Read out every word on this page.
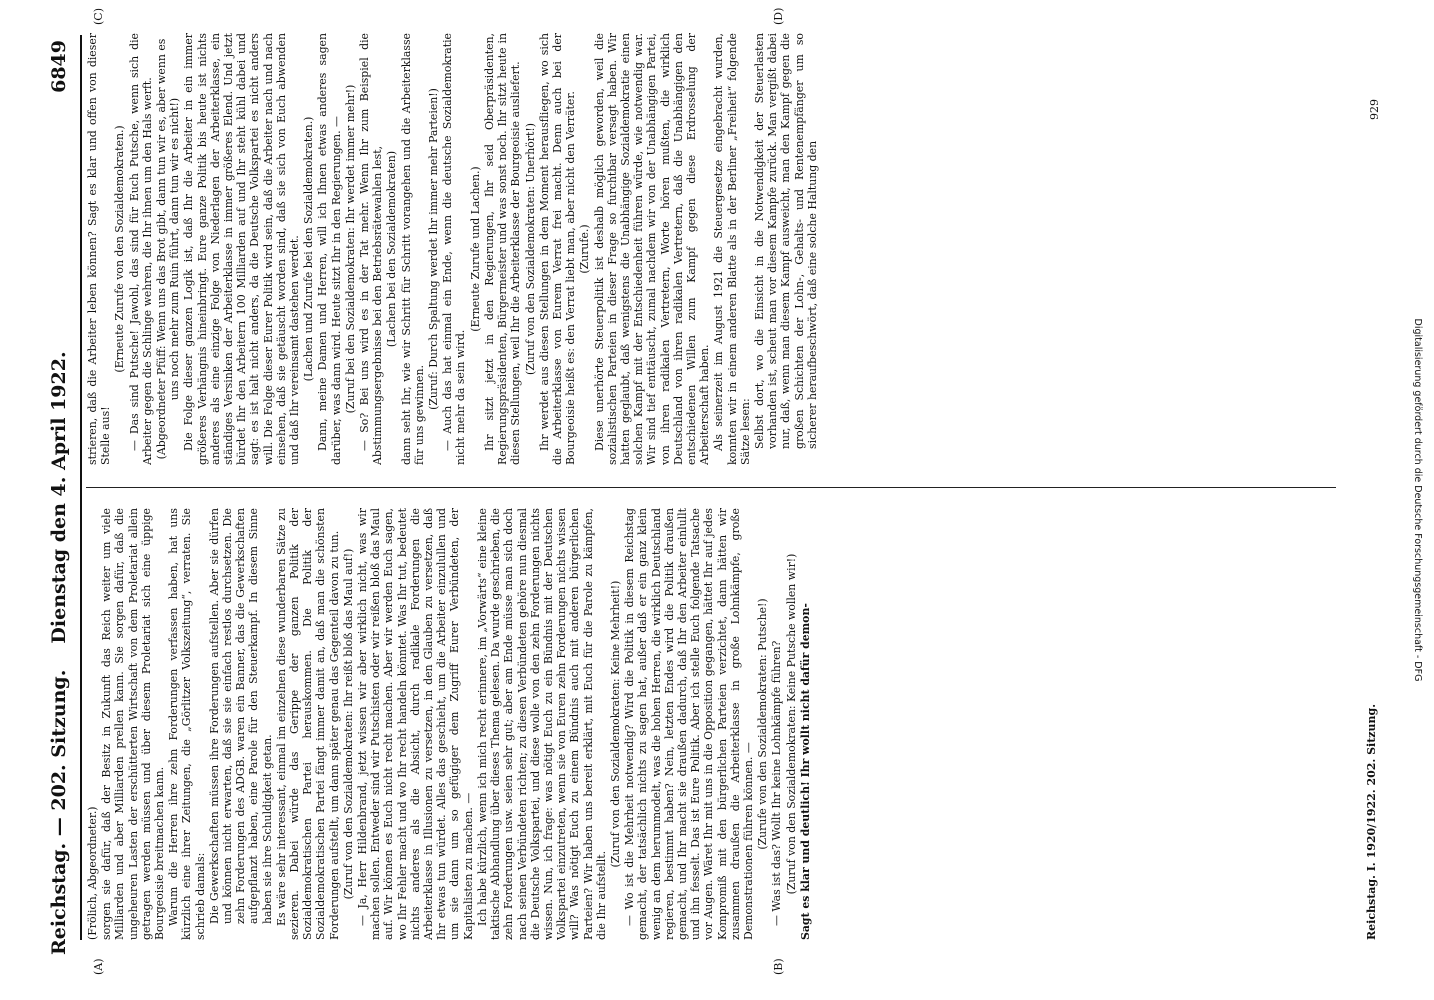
Reichstag. — 202. Sitzung.
Dienstag den 4. April 1922.
6849
(A)	(B)
(C)	(D)

(Frölich, Abgeordneter.) sorgen sie dafür, daß der Besitz in Zukunft das Reich weiter um viele Milliarden und aber Milliarden prellen kann. Sie sorgen dafür, daß die ungeheuren Lasten der erschütterten Wirtschaft von dem Proletariat allein getragen werden müssen und über diesem Proletariat sich eine üppige Bourgeoisie breitmachen kann. Warum die Herren ihre zehn Forderungen verfassen haben, hat uns kürzlich eine ihrer Zeitungen, die „Görlitzer Volkszeitung“, verraten. Sie schrieb damals: Die Gewerkschaften müssen ihre Forderungen aufstellen. Aber sie dürfen und können nicht erwarten, daß sie sie einfach restlos durchsetzen. Die zehn Forderungen des ADGB. waren ein Banner, das die Gewerkschaften aufgepflanzt haben, eine Parole für den Steuerkampf. In diesem Sinne haben sie ihre Schuldigkeit getan. Es wäre sehr interessant, einmal im einzelnen diese wunderbaren Sätze zu sezieren. Dabei würde das Gerippe der ganzen Politik der Sozialdemokratischen Partei herauskommen. Die Politik der Sozialdemokratischen Partei fängt immer damit an, daß man die schönsten Forderungen aufstellt, um dann später genau das Gegenteil davon zu tun. (Zuruf von den Sozialdemokraten: Ihr reißt bloß das Maul auf!) — Ja, Herr Hildenbrand, jetzt wissen wir aber wirklich nicht, was wir machen sollen. Entweder sind wir Putschisten oder wir reißen bloß das Maul auf. Wir können es Euch nicht recht machen. Aber wir werden Euch sagen, wo Ihr Fehler macht und wo Ihr recht handeln könntet. Was Ihr tut, bedeutet nichts anderes als die Absicht, durch radikale Forderungen die Arbeiterklasse in Illusionen zu versetzen, in den Glauben zu versetzen, daß Ihr etwas tun würdet. Alles das geschieht, um die Arbeiter einzulullen und um sie dann um so gefügiger dem Zugriff Eurer Verbündeten, der Kapitalisten zu machen. — Ich habe kürzlich, wenn ich mich recht erinnere, im „Vorwärts“ eine kleine taktische Abhandlung über dieses Thema gelesen. Da wurde geschrieben, die zehn Forderungen usw. seien sehr gut; aber am Ende müsse man sich doch nach seinen Verbündeten richten; zu diesen Verbündeten gehöre nun diesmal die Deutsche Volkspartei, und diese wolle von den zehn Forderungen nichts wissen. Nun, ich frage: was nötigt Euch zu ein Bündnis mit der Deutschen Volkspartei einzutreten, wenn sie von Euren zehn Forderungen nichts wissen will? Was nötigt Euch zu einem Bündnis auch mit anderen bürgerlichen Parteien? Wir haben uns bereit erklärt, mit Euch für die Parole zu kämpfen, die Ihr aufstellt.

(Zuruf von den Sozialdemokraten: Keine Mehrheit!) — Wo ist die Mehrheit notwendig? Wird die Politik in diesem Reichstag gemacht, der tatsächlich nichts zu sagen hat, außer daß er ein ganz klein wenig an dem herummodelt, was die hohen Herren, die wirklich Deutschland regieren, bestimmt haben? Nein, letzten Endes wird die Politik draußen gemacht, und Ihr macht sie draußen dadurch, daß Ihr den Arbeiter einlullt und ihn fesselt. Das ist Eure Politik. Aber ich stelle Euch folgende Tatsache vor Augen. Wäret Ihr mit uns in die Opposition gegangen, hättet Ihr auf jedes Kompromiß mit den bürgerlichen Parteien verzichtet, dann hätten wir zusammen draußen die Arbeiterklasse in große Lohnkämpfe, große Demonstrationen führen können. — (Zurufe von den Sozialdemokraten: Putsche!) — Was ist das? Wollt Ihr keine Lohnkämpfe führen? (Zuruf von den Sozialdemokraten: Keine Putsche wollen wir!) Sagt es klar und deutlich! Ihr wollt nicht dafür demon-

strieren, daß die Arbeiter leben können? Sagt es klar und offen von dieser Stelle aus!

(Erneute Zurufe von den Sozialdemokraten.) — Das sind Putsche! Jawohl, das sind für Euch Putsche, wenn sich die Arbeiter gegen die Schlinge wehren, die Ihr ihnen um den Hals werft. (Abgeordneter Pfüff: Wenn uns das Brot gibt, dann tun wir es, aber wenn es uns noch mehr zum Ruin führt, dann tun wir es nicht!) Die Folge dieser ganzen Logik ist, daß Ihr die Arbeiter in ein immer größeres Verhängnis hineinbringt. Eure ganze Politik bis heute ist nichts anderes als eine einzige Folge von Niederlagen der Arbeiterklasse, ein ständiges Versinken der Arbeiterklasse in immer größeres Elend. Und jetzt bürdet Ihr den Arbeitern 100 Milliarden auf und Ihr steht kühl dabei und sagt: es ist halt nicht anders, da die Deutsche Volkspartei es nicht anders will. Die Folge dieser Eurer Politik wird sein, daß die Arbeiter nach und nach einsehen, daß sie getäuscht worden sind, daß sie sich von Euch abwenden und daß Ihr vereinsamt dastehen werdet. (Lachen und Zurufe bei den Sozialdemokraten.) Dann, meine Damen und Herren, will ich Ihnen etwas anderes sagen darüber, was dann wird. Heute sitzt Ihr in den Regierungen. — (Zuruf bei den Sozialdemokraten: Ihr werdet immer mehr!) — So? Bei uns wird es in der Tat mehr. Wenn Ihr zum Beispiel die Abstimmungsergebnisse bei den Betriebsrätewahlen lest, (Lachen bei den Sozialdemokraten) dann seht Ihr, wie wir Schritt für Schritt vorangehen und die Arbeiterklasse für uns gewinnen.

(Zuruf: Durch Spaltung werdet Ihr immer mehr Parteien!) — Auch das hat einmal ein Ende, wenn die deutsche Sozialdemokratie nicht mehr da sein wird.

(Erneute Zurufe und Lachen.) Ihr sitzt jetzt in den Regierungen, Ihr seid Oberpräsidenten, Regierungspräsidenten, Bürgermeister und was sonst noch. Ihr sitzt heute in diesen Stellungen, weil Ihr die Arbeiterklasse der Bourgeoisie ausliefert. (Zuruf von den Sozialdemokraten: Unerhört!) Ihr werdet aus diesen Stellungen in dem Moment herausfliegen, wo sich die Arbeiterklasse von Eurem Verrat frei macht. Denn auch bei der Bourgeoisie heißt es: den Verrat liebt man, aber nicht den Verräter. (Zurufe.) Diese unerhörte Steuerpolitik ist deshalb möglich geworden, weil die sozialistischen Parteien in dieser Frage so furchtbar versagt haben. Wir hatten geglaubt, daß wenigstens die Unabhängige Sozialdemokratie einen solchen Kampf mit der Entschiedenheit führen würde, wie notwendig war. Wir sind tief enttäuscht, zumal nachdem wir von der Unabhängigen Partei, von ihren radikalen Vertretern, Worte hören mußten, die wirklich Deutschland von ihren radikalen Vertretern, daß die Unabhängigen den entschiedenen Willen zum Kampf gegen diese Erdrosselung der Arbeiterschaft haben. Als seinerzeit im August 1921 die Steuergesetze eingebracht wurden, konnten wir in einem anderen Blatte als in der Berliner „Freiheit“ folgende Sätze lesen: Selbst dort, wo die Einsicht in die Notwendigkeit der Steuerlasten vorhanden ist, scheut man vor diesem Kampfe zurück. Man vergißt dabei nur, daß, wenn man diesem Kampf ausweicht, man den Kampf gegen die großen Schichten der Lohn-, Gehalts- und Rentenempfänger um so sicherer heraufbeschwört, daß eine solche Haltung den

Reichstag. I. 1920/1922. 202. Sitzung.
929
Digitalisierung gefördert durch die Deutsche Forschungsgemeinschaft - DFG
